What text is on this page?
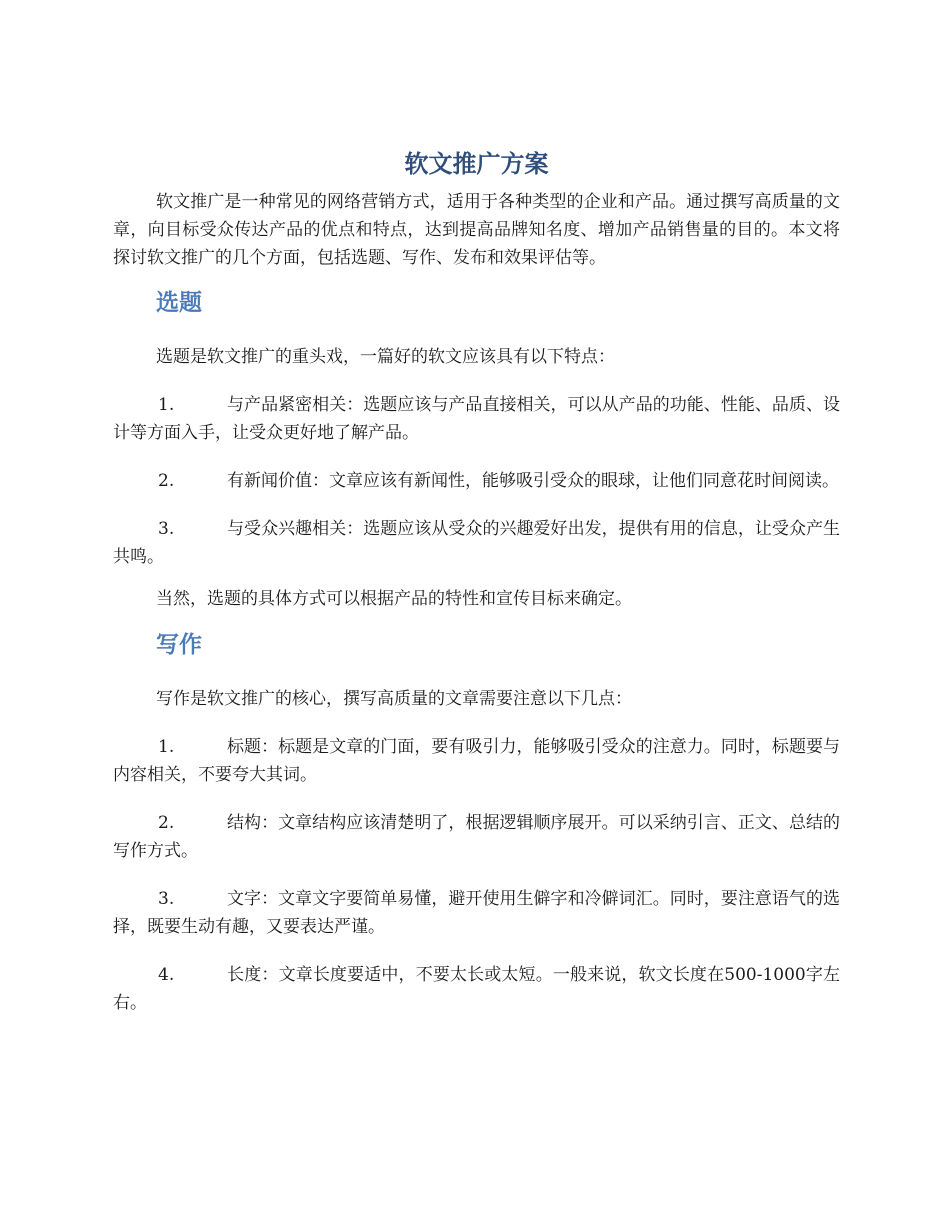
软文推广方案

软文推广是一种常见的网络营销方式，适用于各种类型的企业和产品。通过撰写高质量的文章，向目标受众传达产品的优点和特点，达到提高品牌知名度、增加产品销售量的目的。本文将探讨软文推广的几个方面，包括选题、写作、发布和效果评估等。

选题

选题是软文推广的重头戏，一篇好的软文应该具有以下特点：

1.	与产品紧密相关：选题应该与产品直接相关，可以从产品的功能、性能、品质、设计等方面入手，让受众更好地了解产品。

2.	有新闻价值：文章应该有新闻性，能够吸引受众的眼球，让他们同意花时间阅读。

3.	与受众兴趣相关：选题应该从受众的兴趣爱好出发，提供有用的信息，让受众产生共鸣。

当然，选题的具体方式可以根据产品的特性和宣传目标来确定。

写作

写作是软文推广的核心，撰写高质量的文章需要注意以下几点：

1.	标题：标题是文章的门面，要有吸引力，能够吸引受众的注意力。同时，标题要与内容相关，不要夸大其词。

2.	结构：文章结构应该清楚明了，根据逻辑顺序展开。可以采纳引言、正文、总结的写作方式。

3.	文字：文章文字要简单易懂，避开使用生僻字和冷僻词汇。同时，要注意语气的选择，既要生动有趣，又要表达严谨。

4.	长度：文章长度要适中，不要太长或太短。一般来说，软文长度在500-1000字左右。
